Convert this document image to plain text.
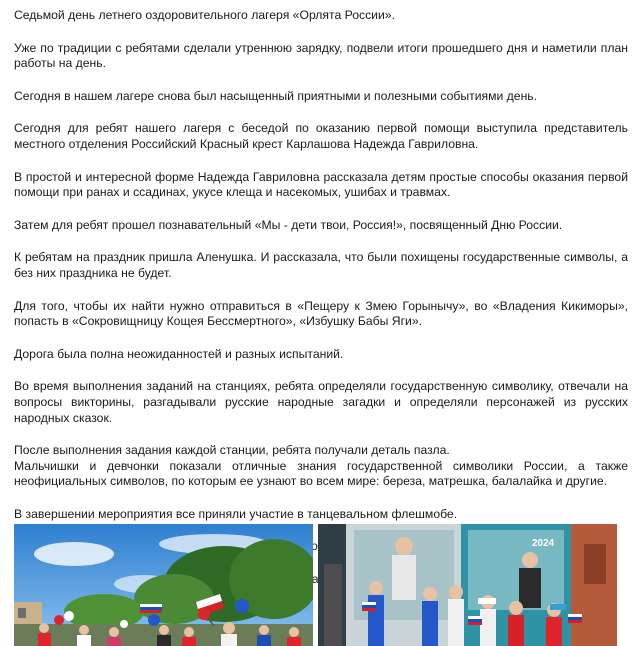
Седьмой день летнего оздоровительного лагеря «Орлята России».

Уже по традиции с ребятами сделали утреннюю зарядку, подвели итоги прошедшего дня и наметили план работы на день.

Сегодня в нашем лагере снова был насыщенный приятными и полезными событиями день.

Сегодня для ребят нашего лагеря с беседой по оказанию первой помощи выступила представитель местного отделения Российский Красный крест Карлашова Надежда Гавриловна.

В простой и интересной форме Надежда Гавриловна рассказала детям простые способы оказания первой помощи при ранах и ссадинах, укусе клеща и насекомых, ушибах и травмах.

Затем для ребят прошел познавательный «Мы - дети твои, Россия!», посвященный Дню России.

К ребятам на праздник пришла Аленушка. И рассказала, что были похищены государственные символы, а без них праздника не будет.

Для того, чтобы их найти нужно отправиться в «Пещеру к Змею Горынычу», во «Владения Кикиморы», попасть в «Сокровищницу Кощея Бессмертного», «Избушку Бабы Яги».

Дорога была полна неожиданностей и разных испытаний.

Во время выполнения заданий на станциях, ребята определяли государственную символику, отвечали на вопросы викторины, разгадывали русские народные загадки и определяли персонажей из русских народных сказок.

После выполнения задания каждой станции, ребята получали деталь пазла.

Мальчишки и девчонки показали отличные знания государственной символики России, а также неофициальных символов, по которым ее узнают во всем мире: береза, матрешка, балалайка и другие.

В завершении мероприятия все приняли участие в танцевальном флешмобе.

2024
